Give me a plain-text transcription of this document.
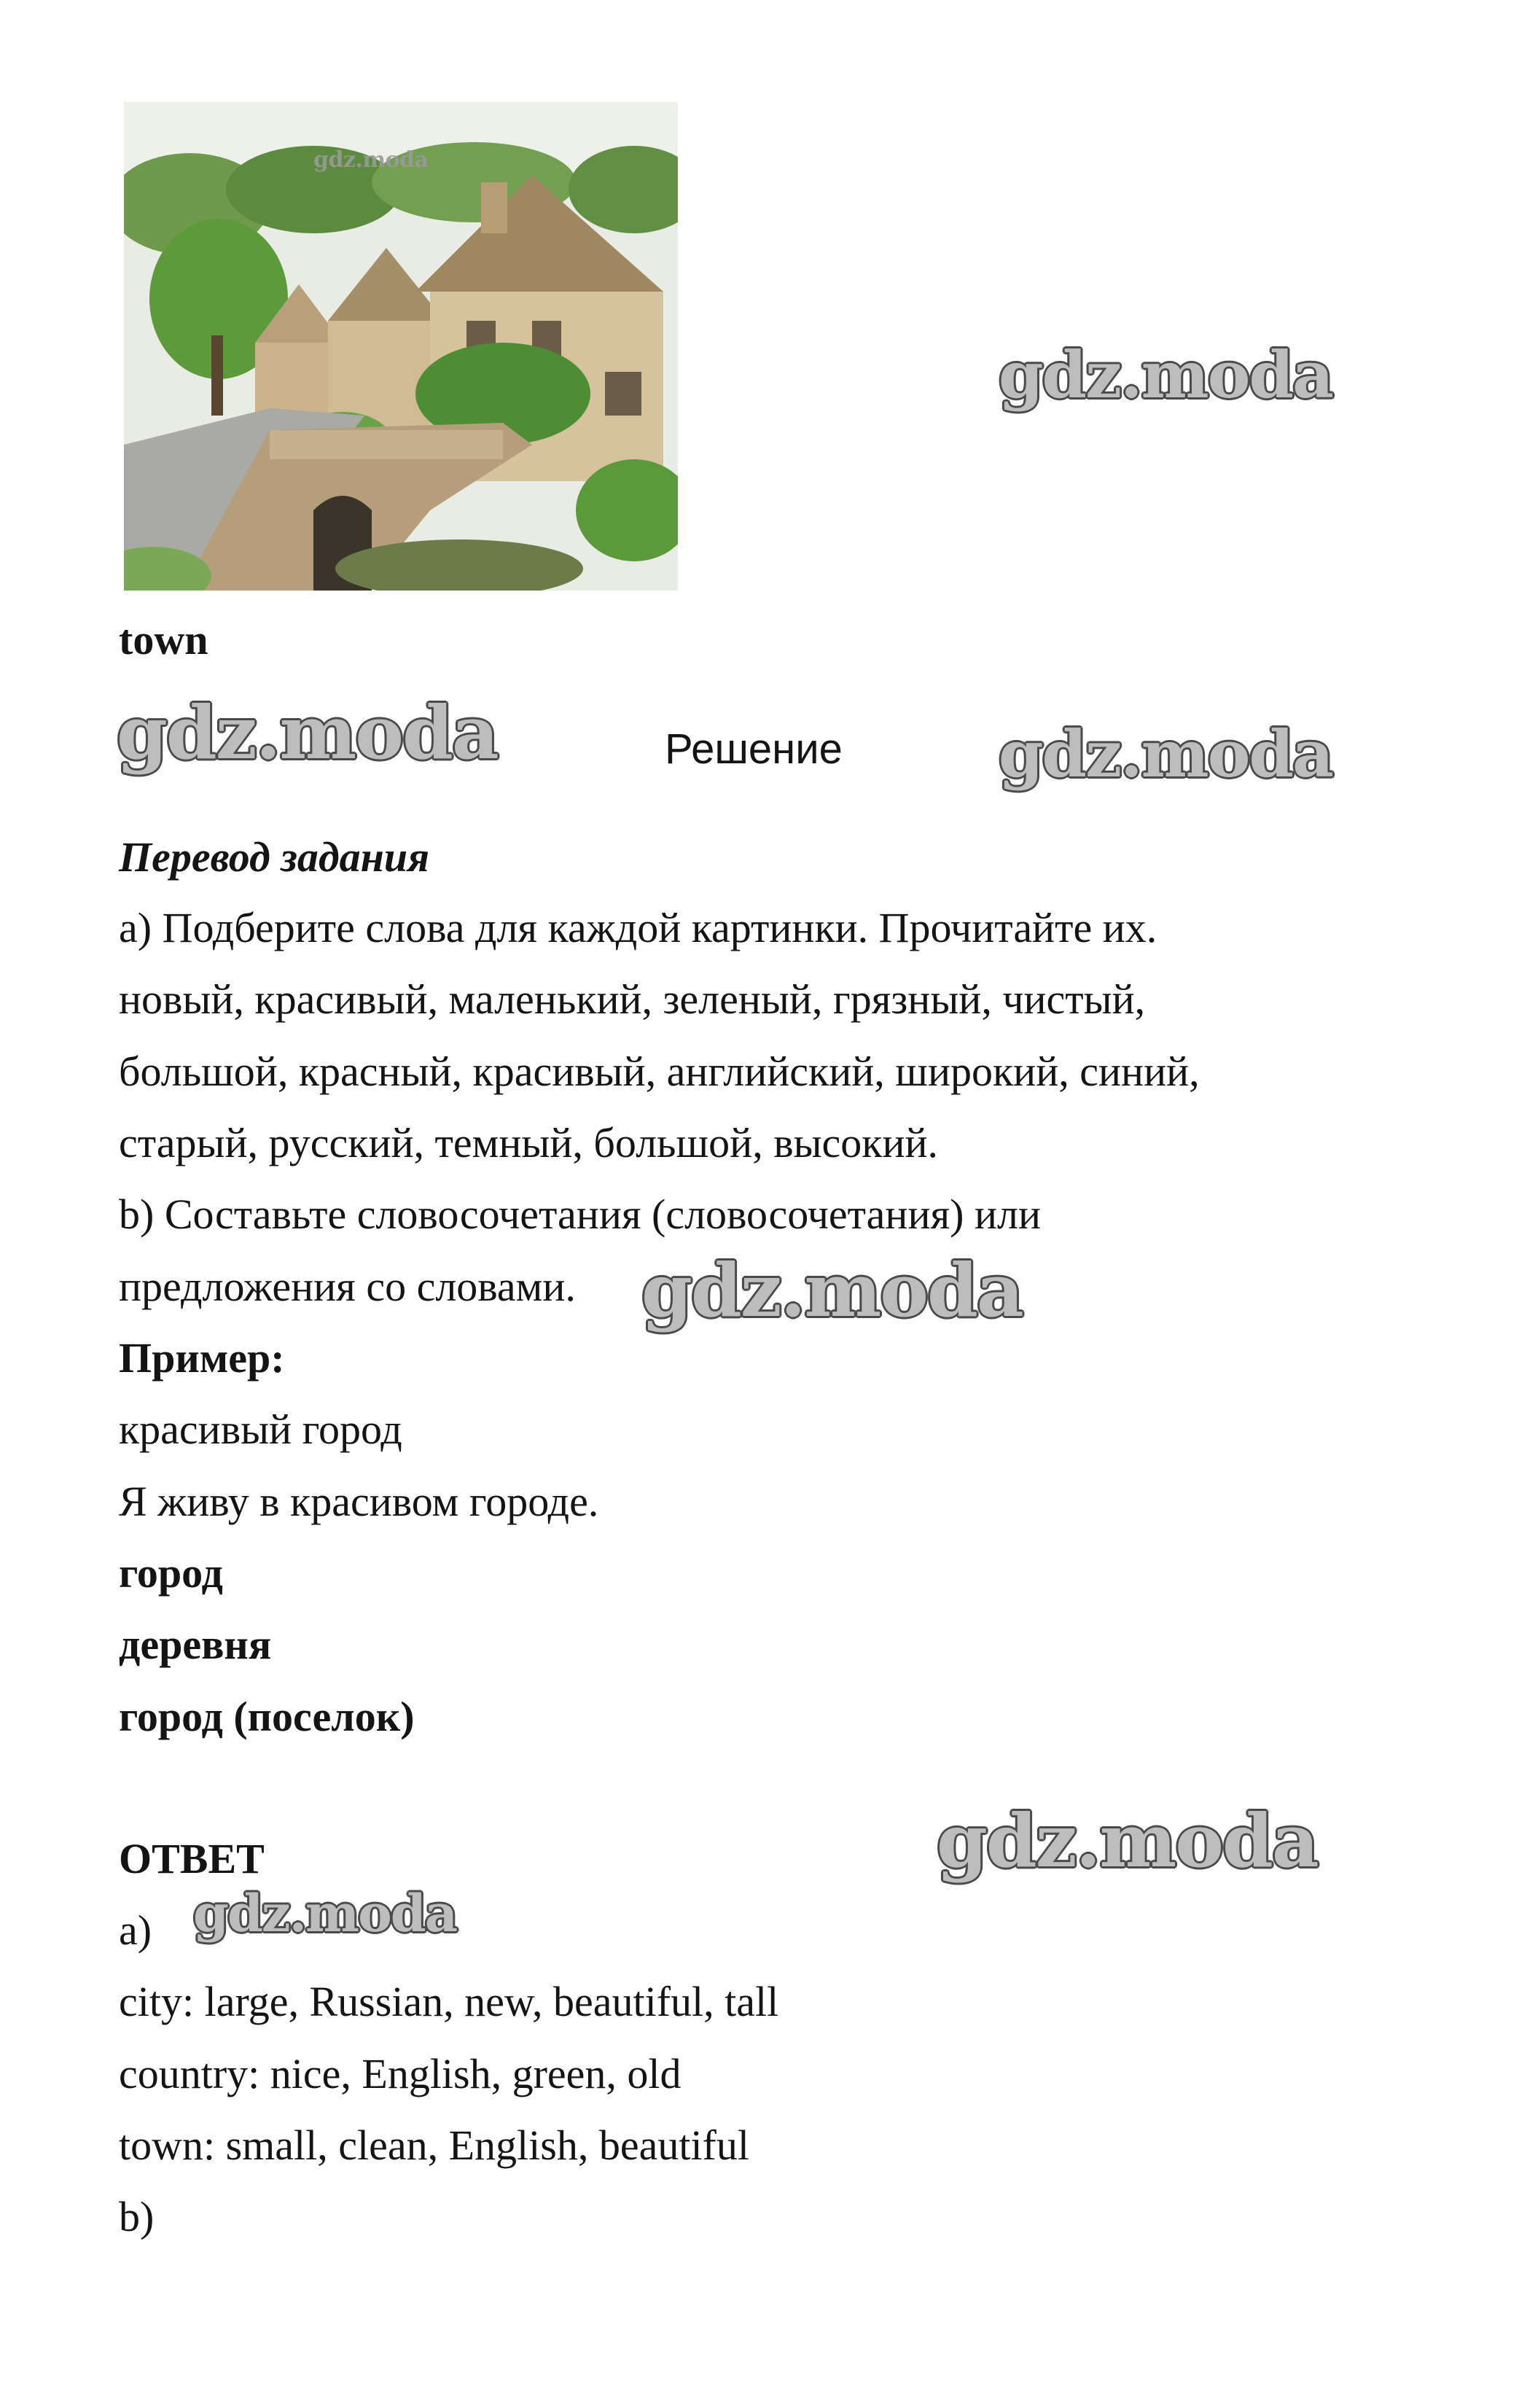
gdz.moda
town
gdz.moda
gdz.moda	gdz.moda
gdz.moda
gdz.moda
gdz.moda
Решение
Перевод задания
a) Подберите слова для каждой картинки. Прочитайте их.
новый, красивый, маленький, зеленый, грязный, чистый,
большой, красный, красивый, английский, широкий, синий,
старый, русский, темный, большой, высокий.
b) Составьте словосочетания (словосочетания) или
предложения со словами.
Пример:
красивый город
Я живу в красивом городе.
город
деревня
город (поселок)
ОТВЕТ
a)
city: large, Russian, new, beautiful, tall
country: nice, English, green, old
town: small, clean, English, beautiful
b)
